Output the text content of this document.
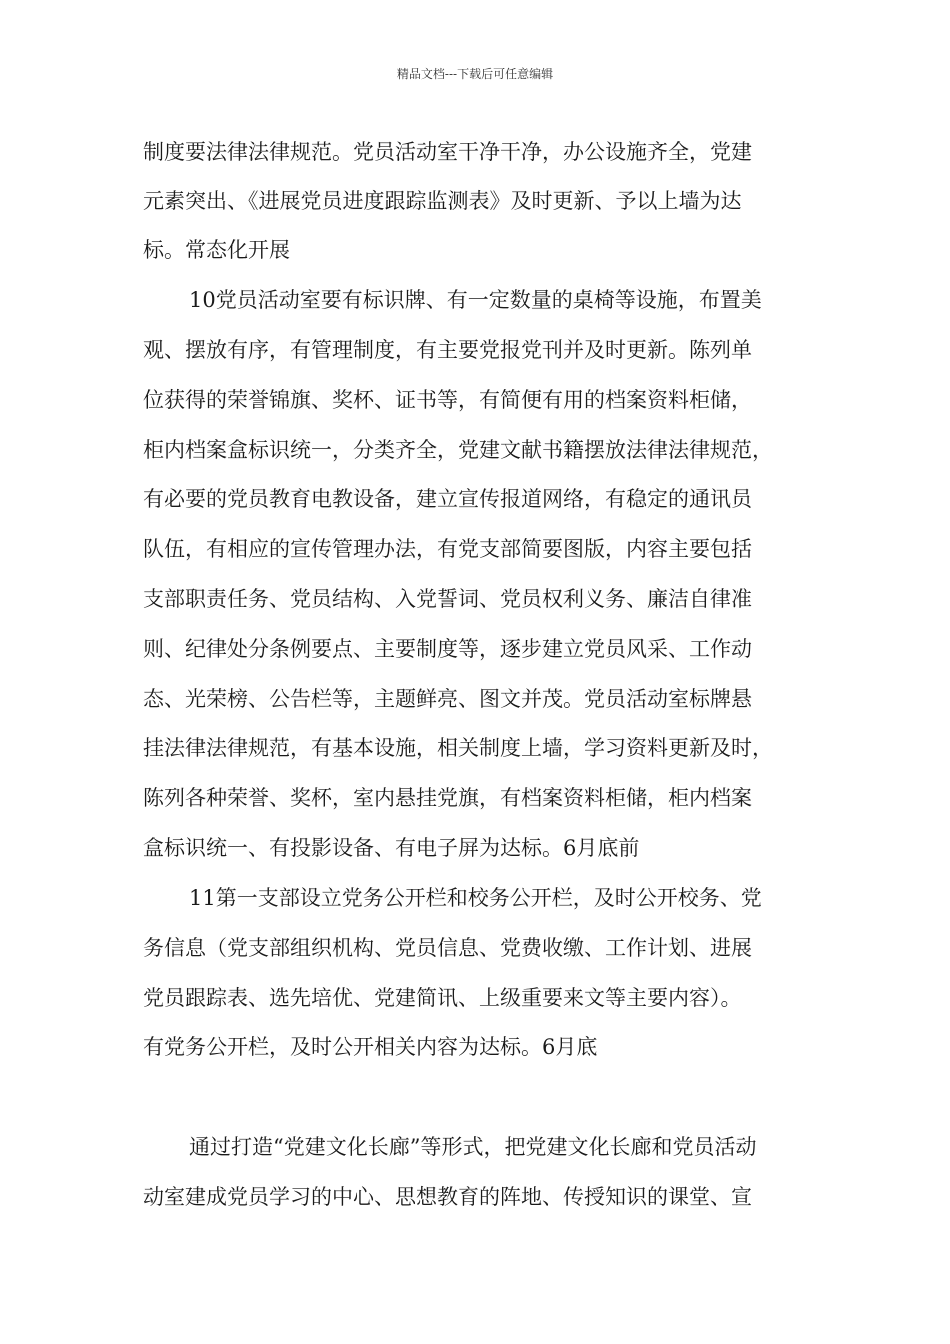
精品文档---下载后可任意编辑
制度要法律法律规范。党员活动室干净干净，办公设施齐全，党建
元素突出、《进展党员进度跟踪监测表》及时更新、予以上墙为达
标。常态化开展
10党员活动室要有标识牌、有一定数量的桌椅等设施，布置美
观、摆放有序，有管理制度，有主要党报党刊并及时更新。陈列单
位获得的荣誉锦旗、奖杯、证书等，有简便有用的档案资料柜储，
柜内档案盒标识统一，分类齐全，党建文献书籍摆放法律法律规范，
有必要的党员教育电教设备，建立宣传报道网络，有稳定的通讯员
队伍，有相应的宣传管理办法，有党支部简要图版，内容主要包括
支部职责任务、党员结构、入党誓词、党员权利义务、廉洁自律准
则、纪律处分条例要点、主要制度等，逐步建立党员风采、工作动
态、光荣榜、公告栏等，主题鲜亮、图文并茂。党员活动室标牌悬
挂法律法律规范，有基本设施，相关制度上墙，学习资料更新及时，
陈列各种荣誉、奖杯，室内悬挂党旗，有档案资料柜储，柜内档案
盒标识统一、有投影设备、有电子屏为达标。6月底前
11第一支部设立党务公开栏和校务公开栏，及时公开校务、党
务信息（党支部组织机构、党员信息、党费收缴、工作计划、进展
党员跟踪表、选先培优、党建简讯、上级重要来文等主要内容）。
有党务公开栏，及时公开相关内容为达标。6月底
通过打造“党建文化长廊”等形式，把党建文化长廊和党员活动
动室建成党员学习的中心、思想教育的阵地、传授知识的课堂、宣
